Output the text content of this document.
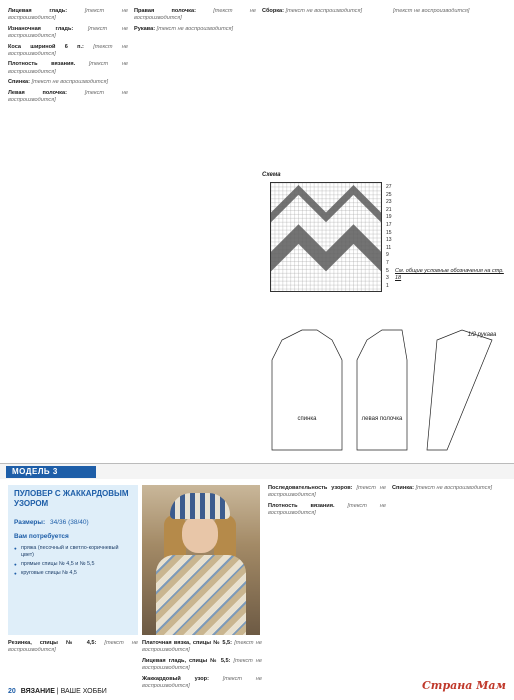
Лицевая гладь: [текст не воспроизводится]

Изнаночная гладь: [текст не воспроизводится]

Коса шириной 6 п.: [текст не воспроизводится]

Плотность вязания. [текст не воспроизводится]

Спинка: [текст не воспроизводится]

Левая полочка: [текст не воспроизводится]

Правая полочка: [текст не воспроизводится]

Рукава: [текст не воспроизводится]

Сборка: [текст не воспроизводится]	[текст не воспроизводится]

Схема
27
25
23
21
19
17
15
13
11
9
7
5
3
1
См. общие условные обозначения на стр. 18
спинка	левая полочка
1/2 рукава
МОДЕЛЬ 3
ПУЛОВЕР С ЖАККАРДОВЫМ УЗОРОМ
Размеры: 34/36 (38/40)
Вам потребуется
● пряжа (песочный и светло-коричневый цвет)
● прямые спицы № 4,5 и № 5,5
● круговые спицы № 4,5

Последовательность узоров: [текст не воспроизводится]

Плотность вязания. [текст не воспроизводится]

Спинка: [текст не воспроизводится]

Резинка, спицы № 4,5: [текст не воспроизводится]

Платочная вязка, спицы № 5,5: [текст не воспроизводится]

Лицевая гладь, спицы № 5,5: [текст не воспроизводится]

Жаккардовый узор: [текст не воспроизводится]

20 ВЯЗАНИЕ | ВАШЕ ХОББИ	Страна Мам
